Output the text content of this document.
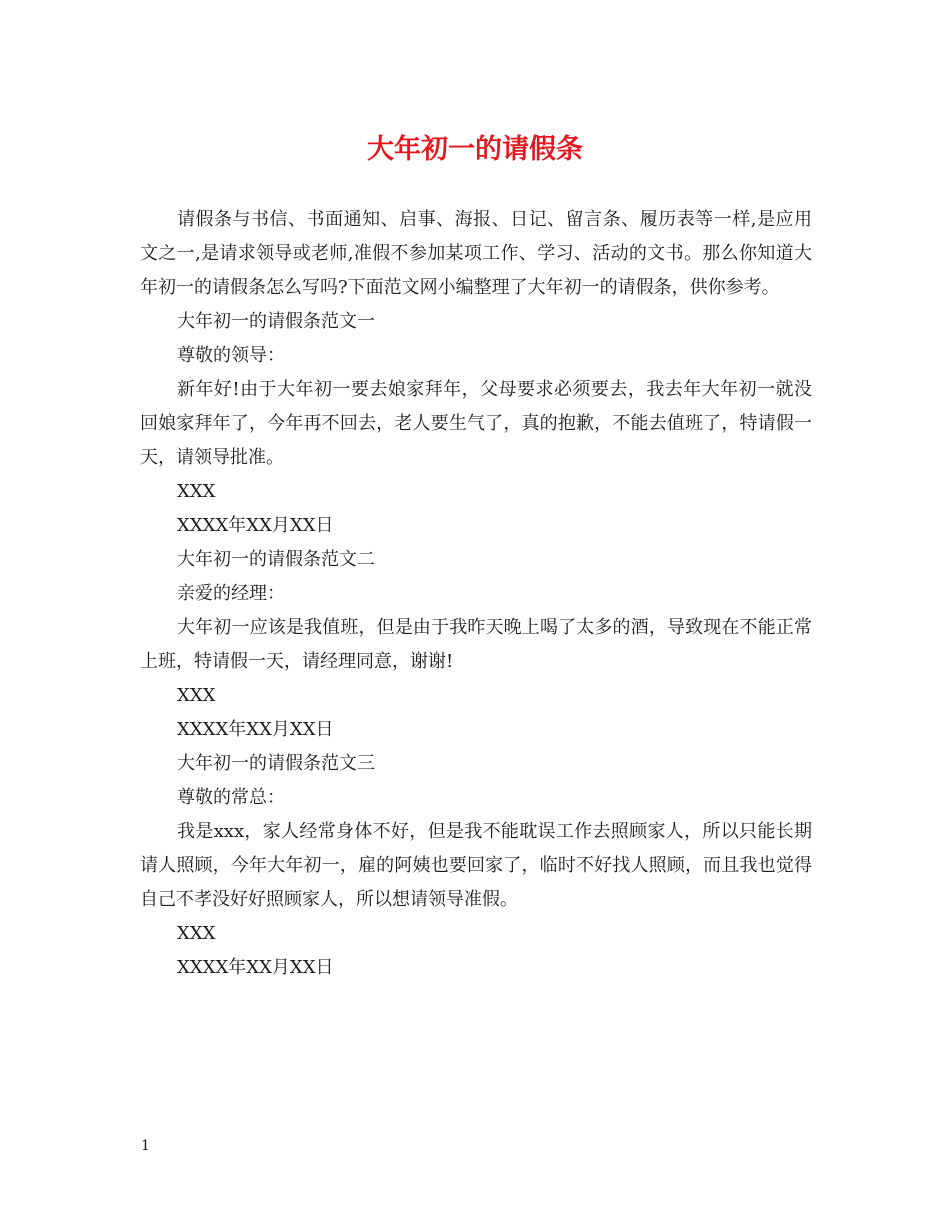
大年初一的请假条

请假条与书信、书面通知、启事、海报、日记、留言条、履历表等一样,是应用文之一,是请求领导或老师,准假不参加某项工作、学习、活动的文书。那么你知道大年初一的请假条怎么写吗?下面范文网小编整理了大年初一的请假条，供你参考。

大年初一的请假条范文一

尊敬的领导：

新年好!由于大年初一要去娘家拜年，父母要求必须要去，我去年大年初一就没回娘家拜年了，今年再不回去，老人要生气了，真的抱歉，不能去值班了，特请假一天，请领导批准。

XXX

XXXX年XX月XX日

大年初一的请假条范文二

亲爱的经理：

大年初一应该是我值班，但是由于我昨天晚上喝了太多的酒，导致现在不能正常上班，特请假一天，请经理同意，谢谢!

XXX

XXXX年XX月XX日

大年初一的请假条范文三

尊敬的常总：

我是xxx，家人经常身体不好，但是我不能耽误工作去照顾家人，所以只能长期请人照顾，今年大年初一，雇的阿姨也要回家了，临时不好找人照顾，而且我也觉得自己不孝没好好照顾家人，所以想请领导准假。

XXX

XXXX年XX月XX日

1
